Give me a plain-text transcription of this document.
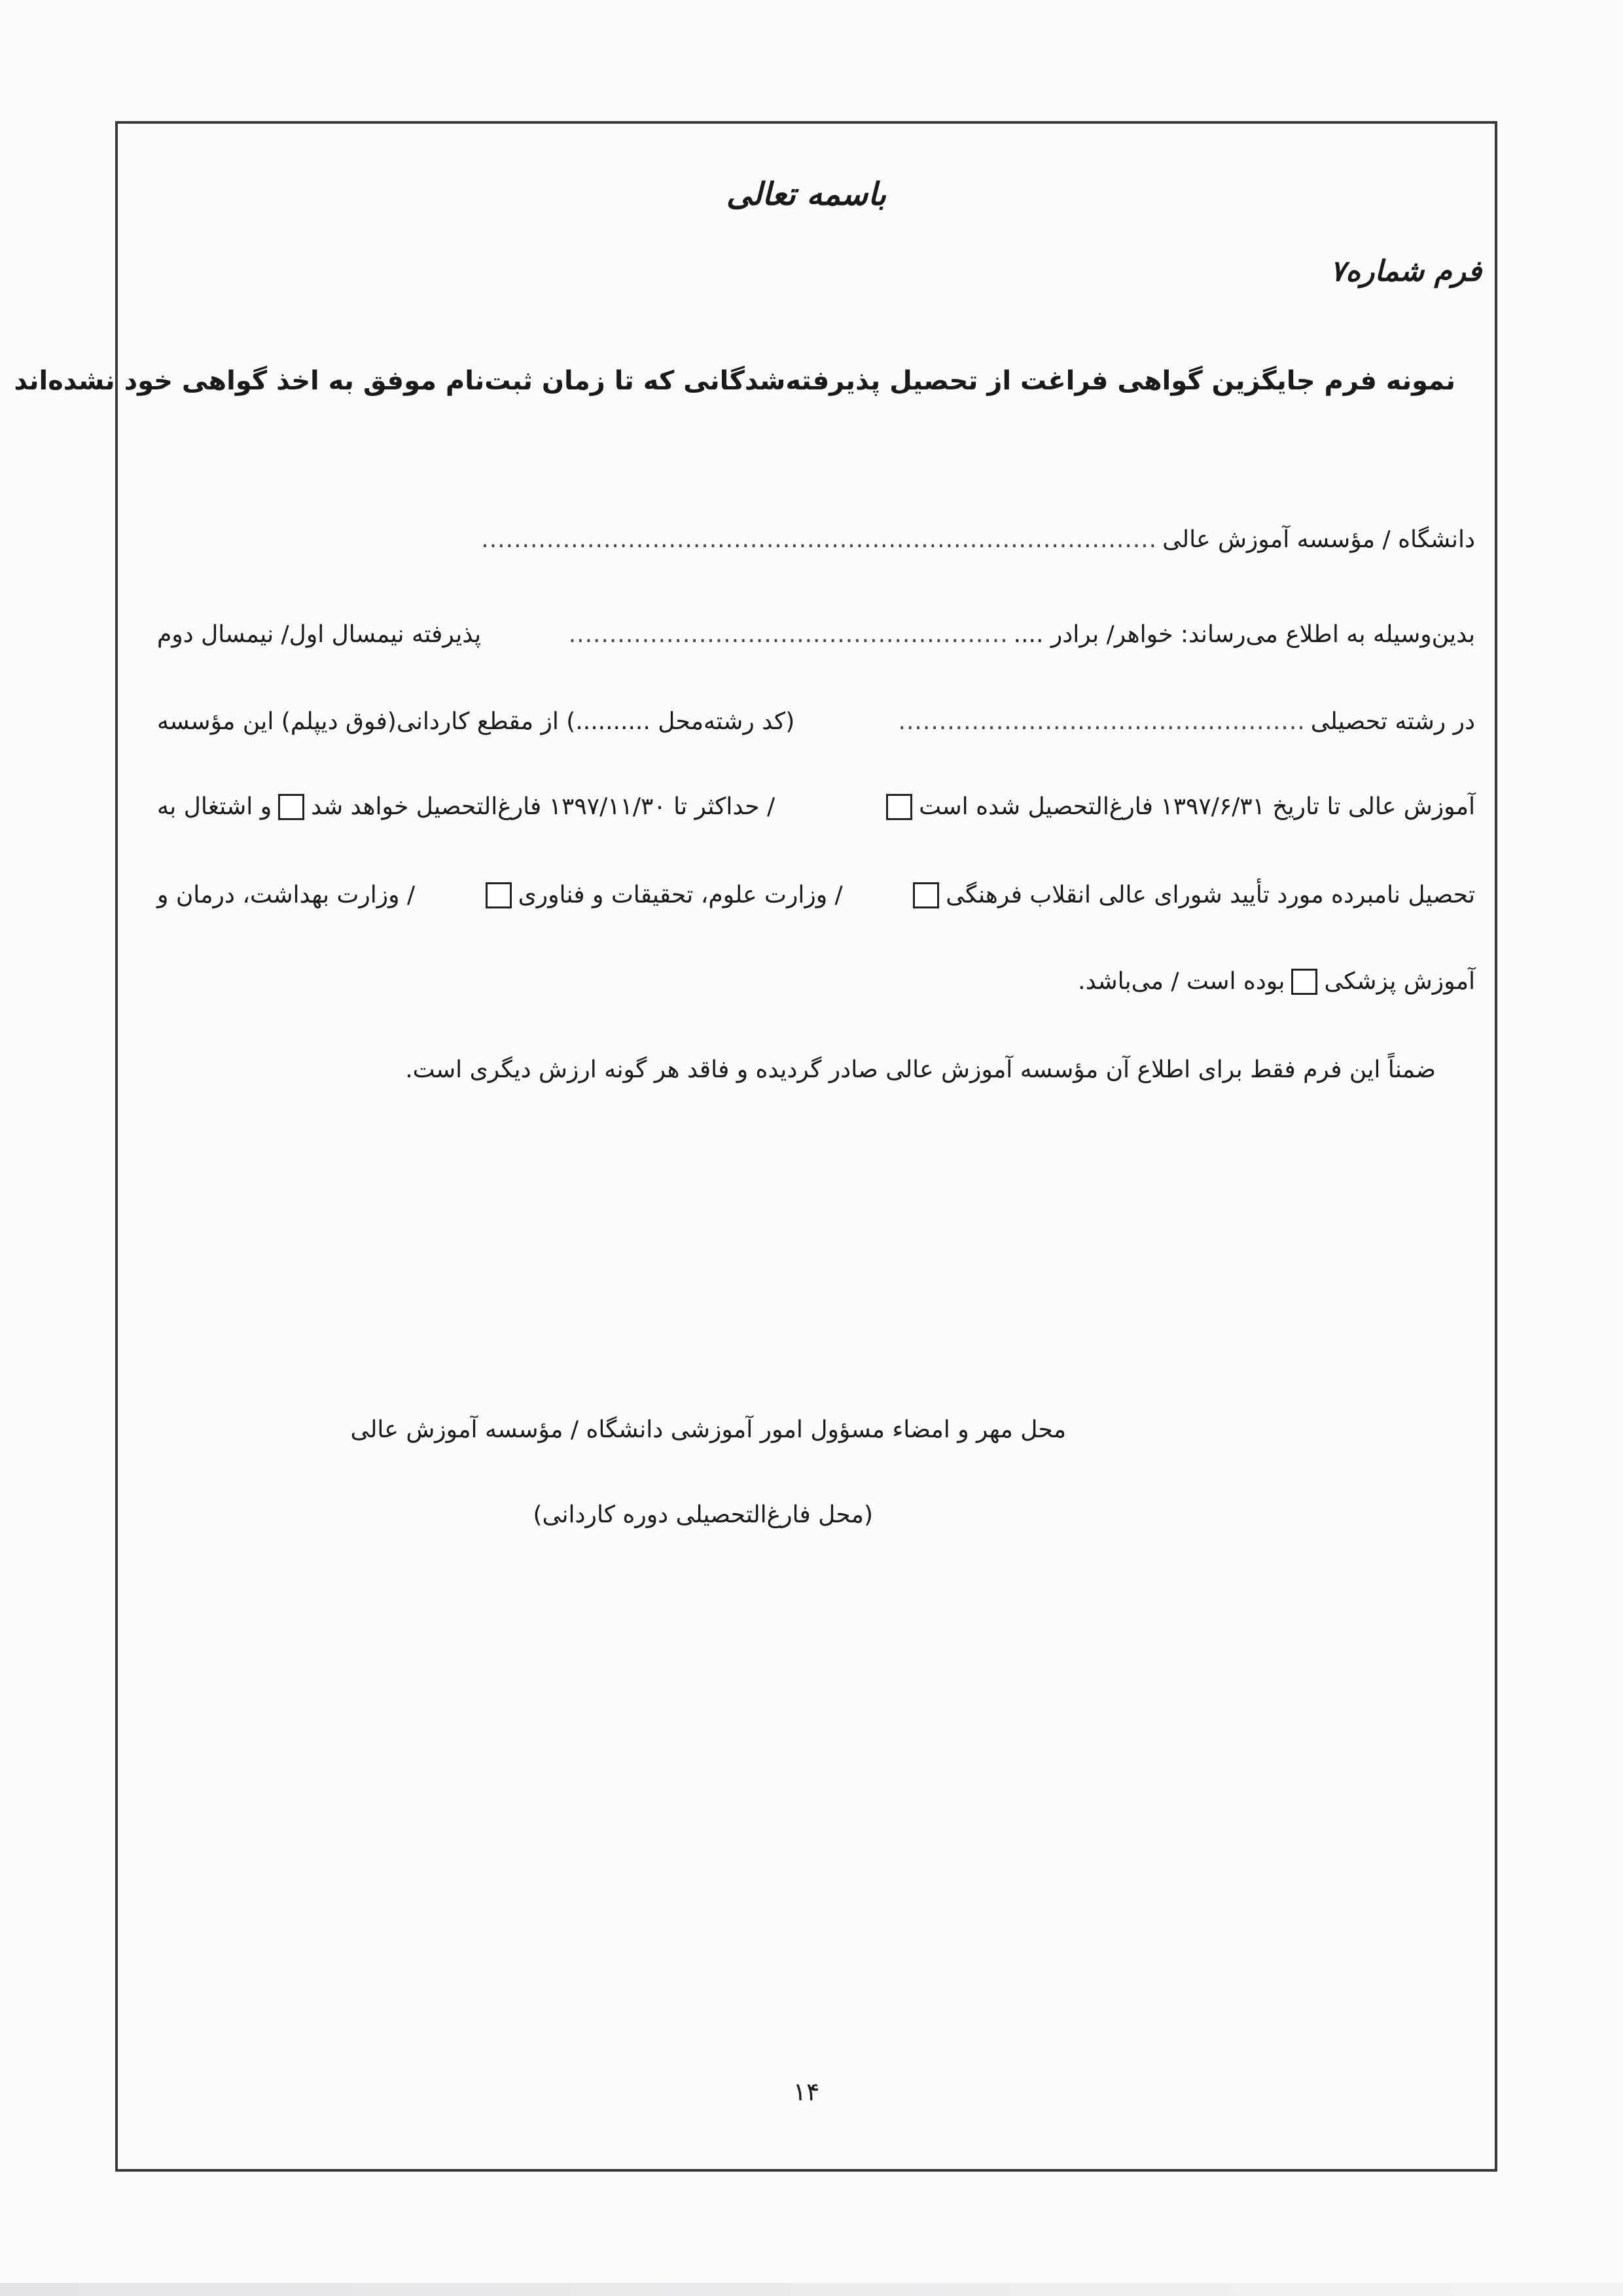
باسمه تعالی
فرم شماره۷
نمونه فرم جایگزین گواهی فراغت از تحصیل پذیرفته‌شدگانی که تا زمان ثبت‌نام موفق به اخذ گواهی خود نشده‌اند
دانشگاه / مؤسسه آموزش عالی
...................................................................................
بدین‌وسیله به اطلاع می‌رساند: خواهر/ برادر ....
......................................................
پذیرفته نیمسال اول/ نیمسال دوم
در رشته تحصیلی
..................................................
(کد رشته‌محل ..........) از مقطع کاردانی(فوق دیپلم) این مؤسسه
آموزش عالی تا تاریخ ۱۳۹۷/۶/۳۱ فارغ‌التحصیل شده است
/ حداکثر تا ۱۳۹۷/۱۱/۳۰ فارغ‌التحصیل خواهد شد
و اشتغال به
تحصیل نامبرده مورد تأیید شورای عالی انقلاب فرهنگی
/ وزارت علوم، تحقیقات و فناوری
/ وزارت بهداشت، درمان و
آموزش پزشکی
بوده است / می‌باشد.
ضمناً این فرم فقط برای اطلاع آن مؤسسه آموزش عالی صادر گردیده و فاقد هر گونه ارزش دیگری است.
محل مهر و امضاء مسؤول امور آموزشی دانشگاه / مؤسسه آموزش عالی
(محل فارغ‌التحصیلی دوره کاردانی)
۱۴
